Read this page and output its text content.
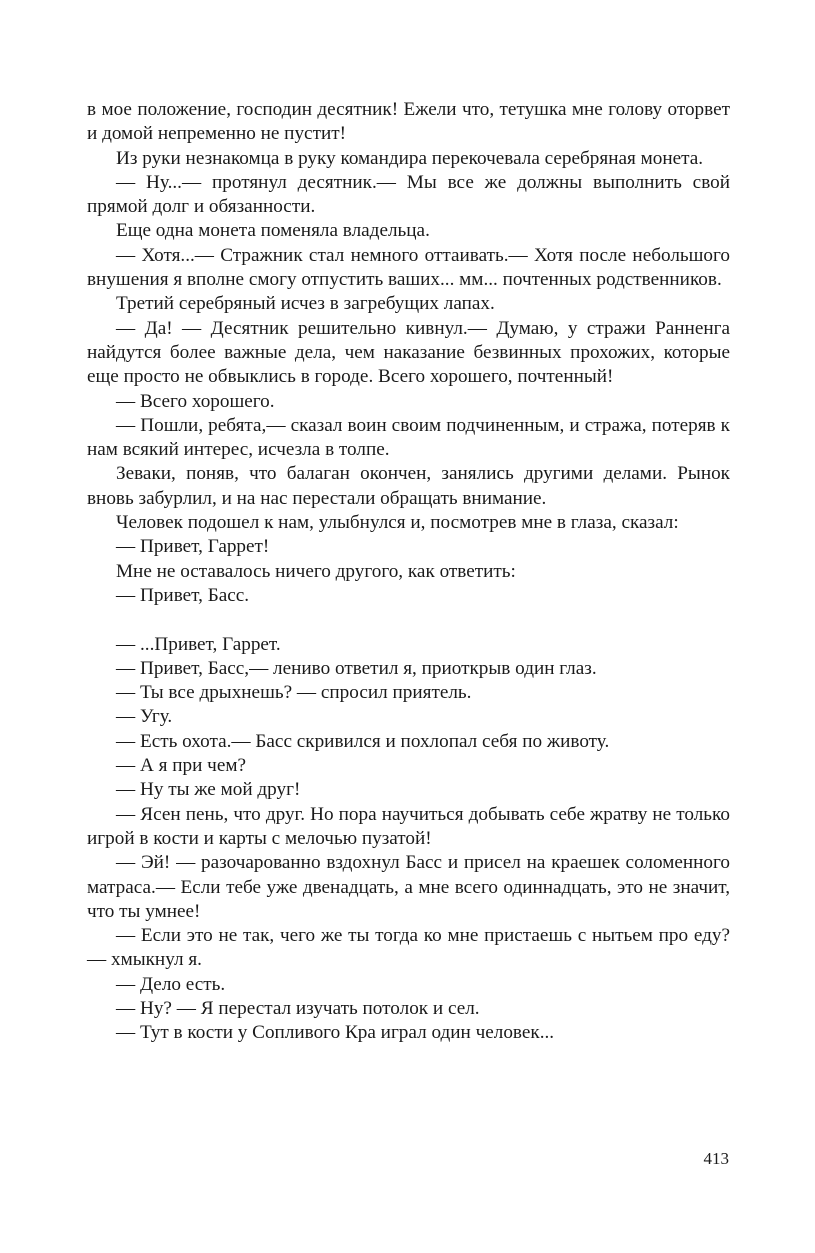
в мое положение, господин десятник! Ежели что, тетушка мне голову оторвет и домой непременно не пустит!

Из руки незнакомца в руку командира перекочевала серебряная монета.

— Ну...— протянул десятник.— Мы все же должны выполнить свой прямой долг и обязанности.

Еще одна монета поменяла владельца.

— Хотя...— Стражник стал немного оттаивать.— Хотя после небольшого внушения я вполне смогу отпустить ваших... мм... почтенных родственников.

Третий серебряный исчез в загребущих лапах.

— Да! — Десятник решительно кивнул.— Думаю, у стражи Ранненга найдутся более важные дела, чем наказание безвинных прохожих, которые еще просто не обвыклись в городе. Всего хорошего, почтенный!

— Всего хорошего.

— Пошли, ребята,— сказал воин своим подчиненным, и стража, потеряв к нам всякий интерес, исчезла в толпе.

Зеваки, поняв, что балаган окончен, занялись другими делами. Рынок вновь забурлил, и на нас перестали обращать внимание.

Человек подошел к нам, улыбнулся и, посмотрев мне в глаза, сказал:

— Привет, Гаррет!

Мне не оставалось ничего другого, как ответить:

— Привет, Басс.

— ...Привет, Гаррет.

— Привет, Басс,— лениво ответил я, приоткрыв один глаз.

— Ты все дрыхнешь? — спросил приятель.

— Угу.

— Есть охота.— Басс скривился и похлопал себя по животу.

— А я при чем?

— Ну ты же мой друг!

— Ясен пень, что друг. Но пора научиться добывать себе жратву не только игрой в кости и карты с мелочью пузатой!

— Эй! — разочарованно вздохнул Басс и присел на краешек соломенного матраса.— Если тебе уже двенадцать, а мне всего одиннадцать, это не значит, что ты умнее!

— Если это не так, чего же ты тогда ко мне пристаешь с нытьем про еду? — хмыкнул я.

— Дело есть.

— Ну? — Я перестал изучать потолок и сел.

— Тут в кости у Сопливого Кра играл один человек...

413
